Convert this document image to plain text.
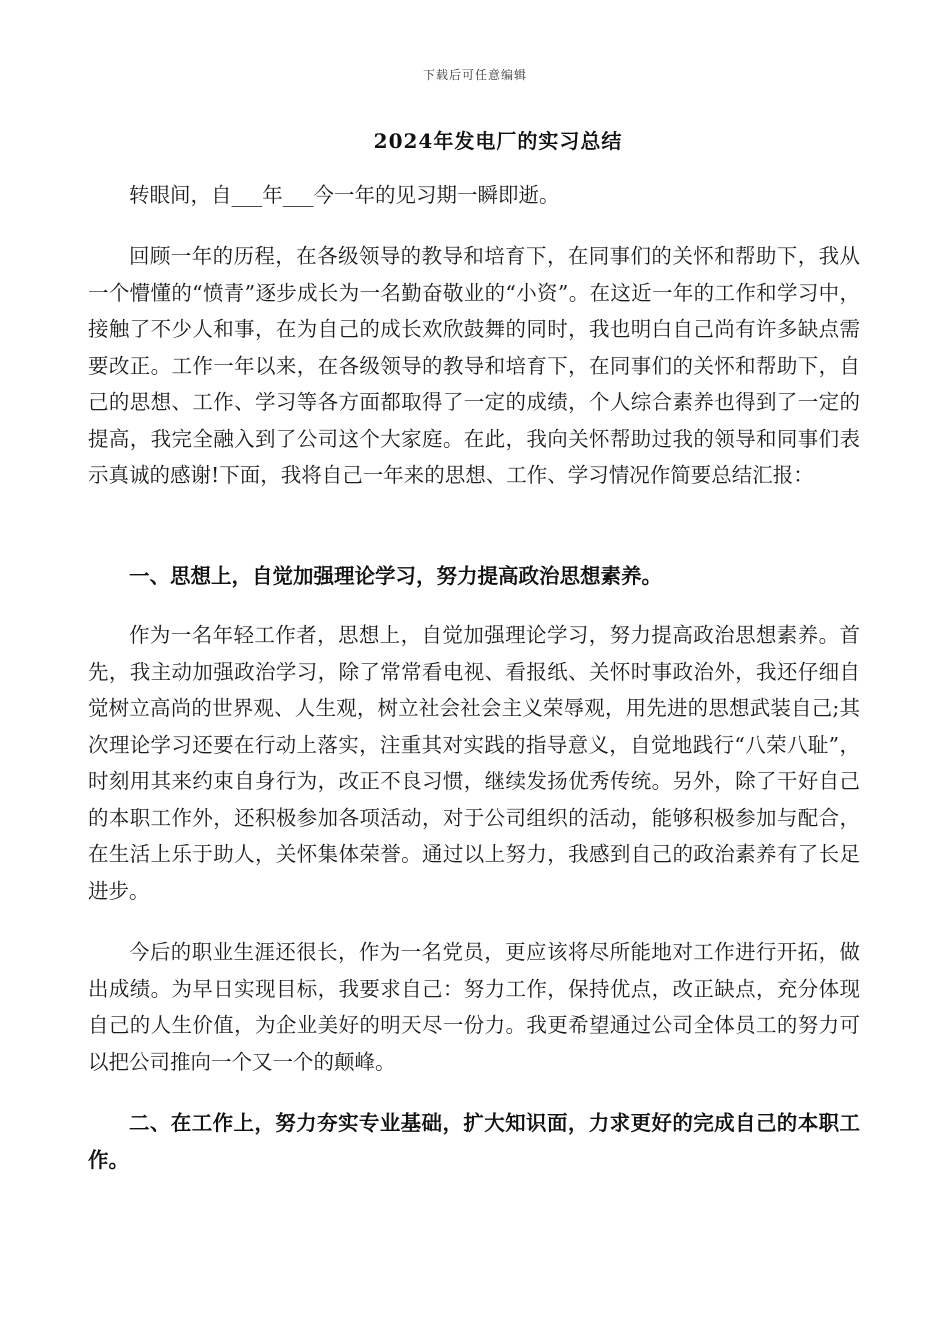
下载后可任意编辑
2024年发电厂的实习总结

转眼间，自___年___今一年的见习期一瞬即逝。

回顾一年的历程，在各级领导的教导和培育下，在同事们的关怀和帮助下，我从一个懵懂的“愤青”逐步成长为一名勤奋敬业的“小资”。在这近一年的工作和学习中，接触了不少人和事，在为自己的成长欢欣鼓舞的同时，我也明白自己尚有许多缺点需要改正。工作一年以来，在各级领导的教导和培育下，在同事们的关怀和帮助下，自己的思想、工作、学习等各方面都取得了一定的成绩，个人综合素养也得到了一定的提高，我完全融入到了公司这个大家庭。在此，我向关怀帮助过我的领导和同事们表示真诚的感谢!下面，我将自己一年来的思想、工作、学习情况作简要总结汇报：

一、思想上，自觉加强理论学习，努力提高政治思想素养。

作为一名年轻工作者，思想上，自觉加强理论学习，努力提高政治思想素养。首先，我主动加强政治学习，除了常常看电视、看报纸、关怀时事政治外，我还仔细自觉树立高尚的世界观、人生观，树立社会社会主义荣辱观，用先进的思想武装自己;其次理论学习还要在行动上落实，注重其对实践的指导意义，自觉地践行“八荣八耻”，时刻用其来约束自身行为，改正不良习惯，继续发扬优秀传统。另外，除了干好自己的本职工作外，还积极参加各项活动，对于公司组织的活动，能够积极参加与配合，在生活上乐于助人，关怀集体荣誉。通过以上努力，我感到自己的政治素养有了长足进步。

今后的职业生涯还很长，作为一名党员，更应该将尽所能地对工作进行开拓，做出成绩。为早日实现目标，我要求自己：努力工作，保持优点，改正缺点，充分体现自己的人生价值，为企业美好的明天尽一份力。我更希望通过公司全体员工的努力可以把公司推向一个又一个的颠峰。

二、在工作上，努力夯实专业基础，扩大知识面，力求更好的完成自己的本职工作。
